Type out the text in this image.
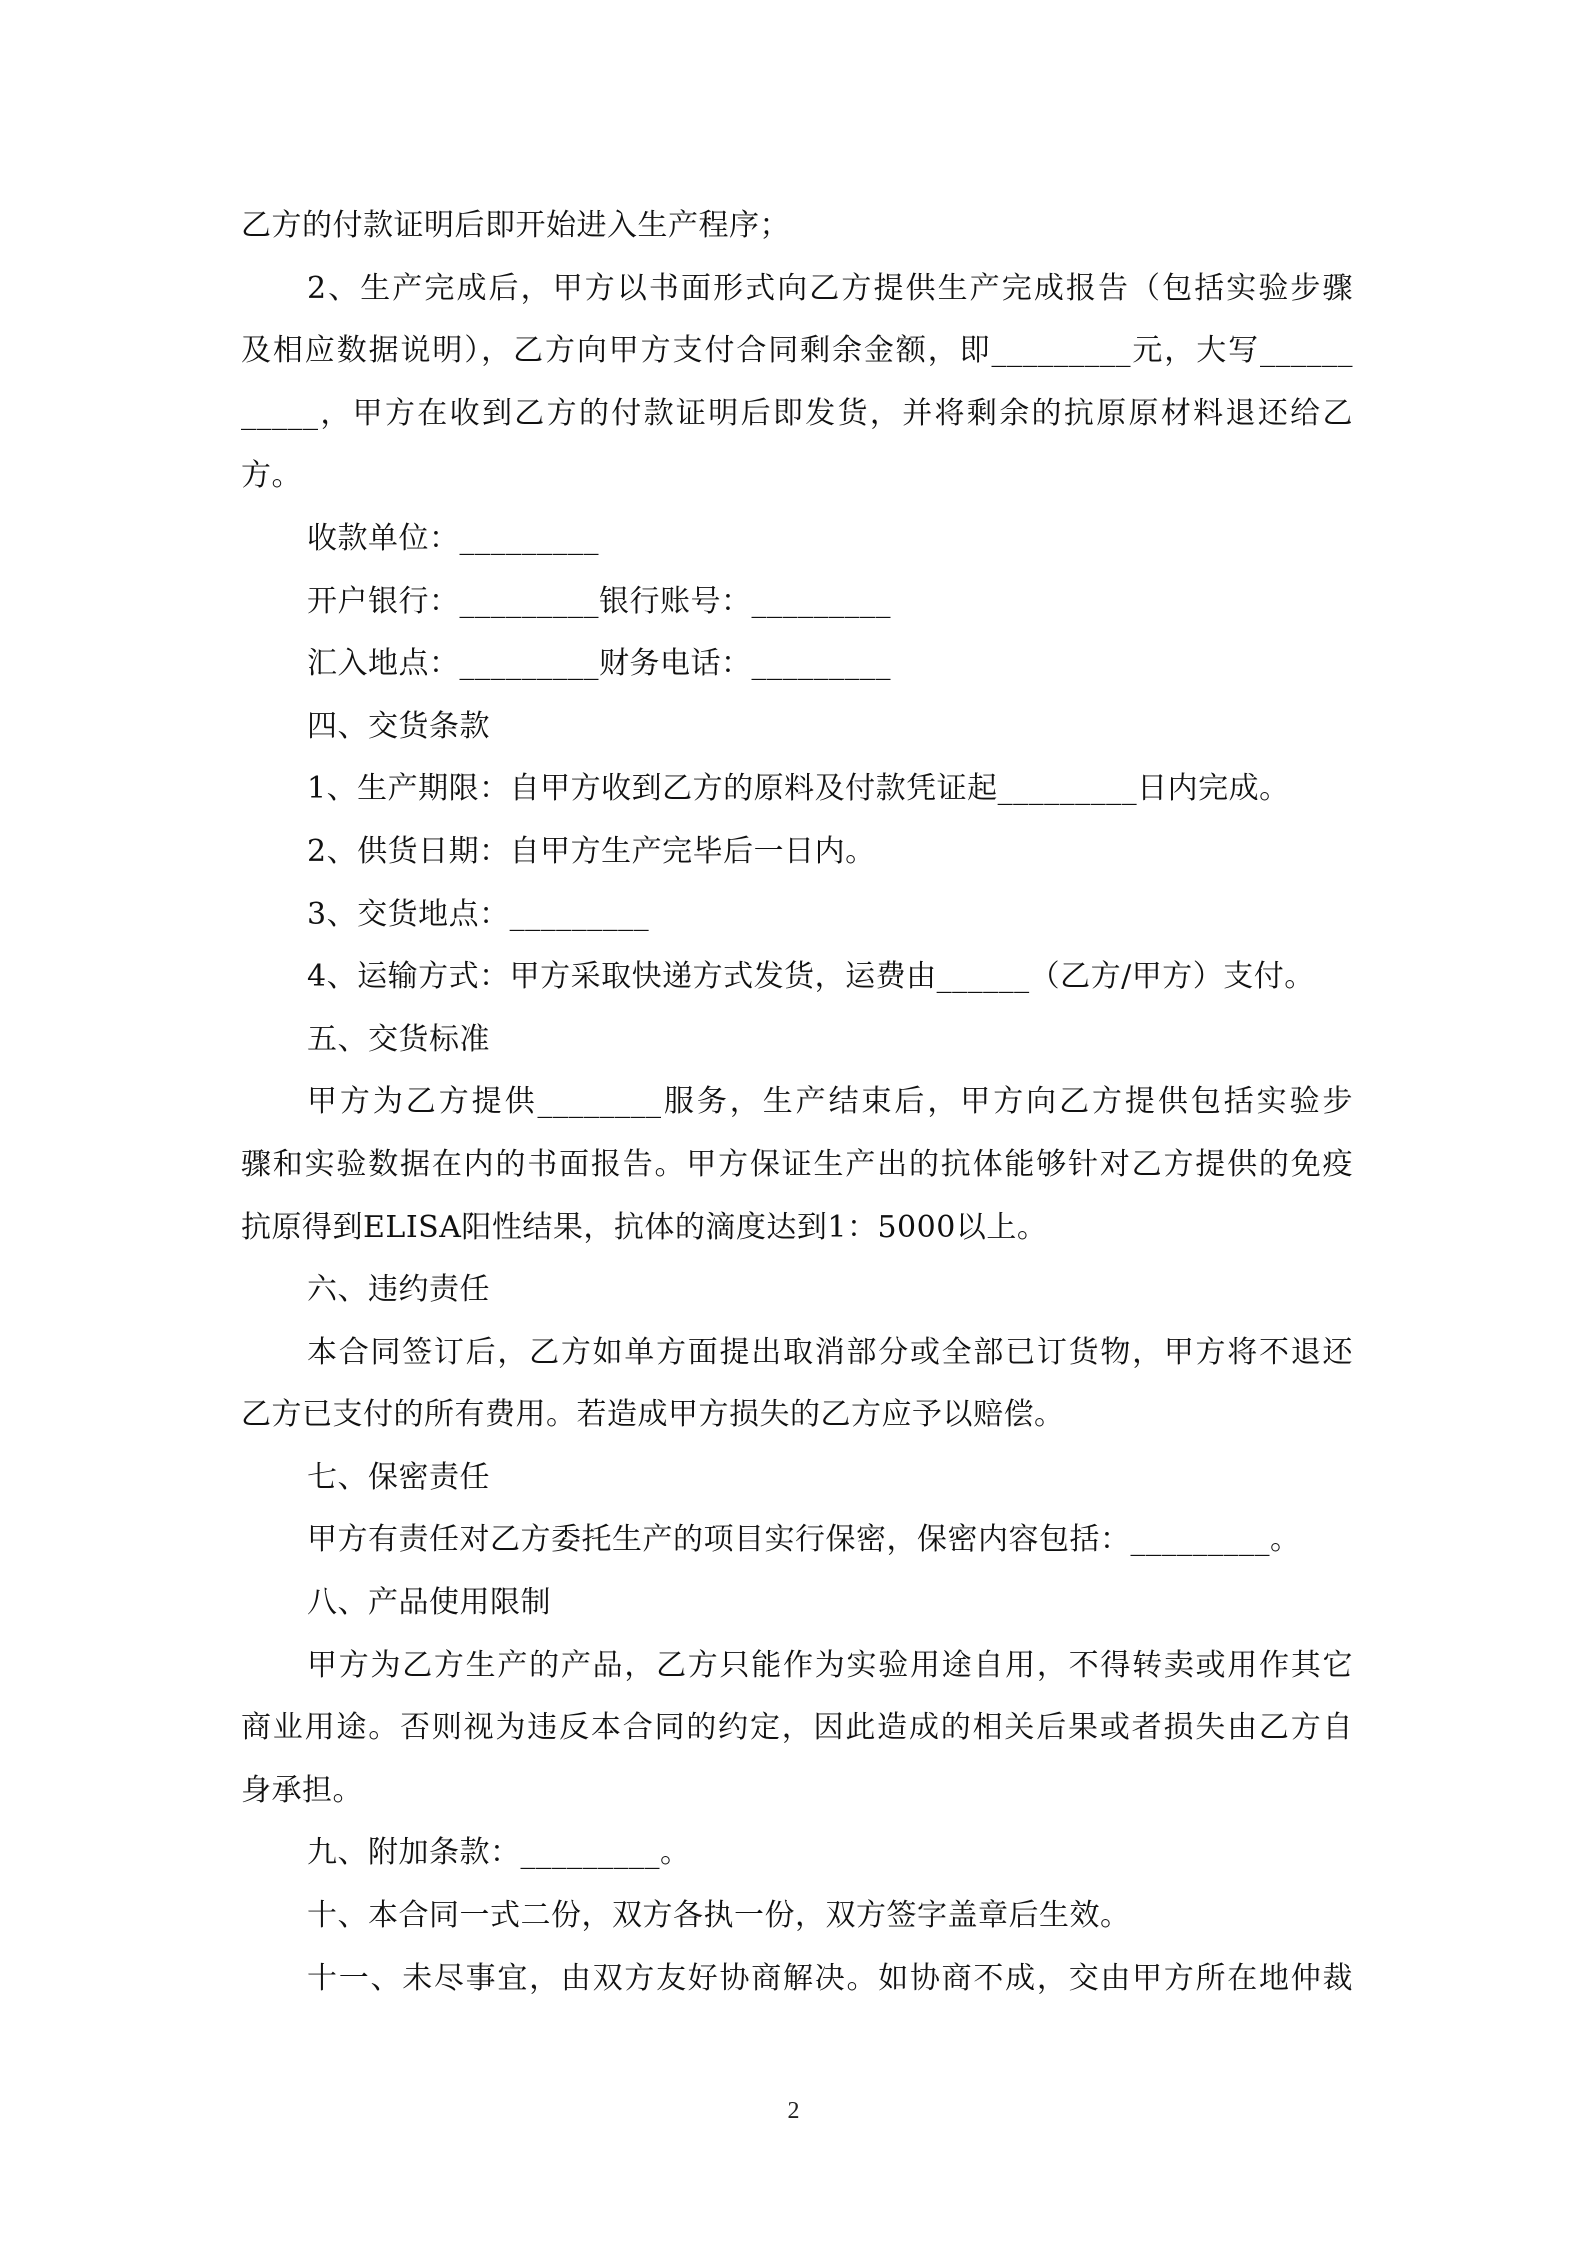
乙方的付款证明后即开始进入生产程序；
2、生产完成后，甲方以书面形式向乙方提供生产完成报告（包括实验步骤
及相应数据说明），乙方向甲方支付合同剩余金额，即_________元，大写______
_____，甲方在收到乙方的付款证明后即发货，并将剩余的抗原原材料退还给乙
方。
收款单位：_________
开户银行：_________银行账号：_________
汇入地点：_________财务电话：_________
四、交货条款
1、生产期限：自甲方收到乙方的原料及付款凭证起_________日内完成。
2、供货日期：自甲方生产完毕后一日内。
3、交货地点：_________
4、运输方式：甲方采取快递方式发货，运费由______（乙方/甲方）支付。
五、交货标准
甲方为乙方提供________服务，生产结束后，甲方向乙方提供包括实验步
骤和实验数据在内的书面报告。甲方保证生产出的抗体能够针对乙方提供的免疫
抗原得到ELISA阳性结果，抗体的滴度达到1：5000以上。
六、违约责任
本合同签订后，乙方如单方面提出取消部分或全部已订货物，甲方将不退还
乙方已支付的所有费用。若造成甲方损失的乙方应予以赔偿。
七、保密责任
甲方有责任对乙方委托生产的项目实行保密，保密内容包括：_________。
八、产品使用限制
甲方为乙方生产的产品，乙方只能作为实验用途自用，不得转卖或用作其它
商业用途。否则视为违反本合同的约定，因此造成的相关后果或者损失由乙方自
身承担。
九、附加条款：_________。
十、本合同一式二份，双方各执一份，双方签字盖章后生效。
十一、未尽事宜，由双方友好协商解决。如协商不成，交由甲方所在地仲裁
2
